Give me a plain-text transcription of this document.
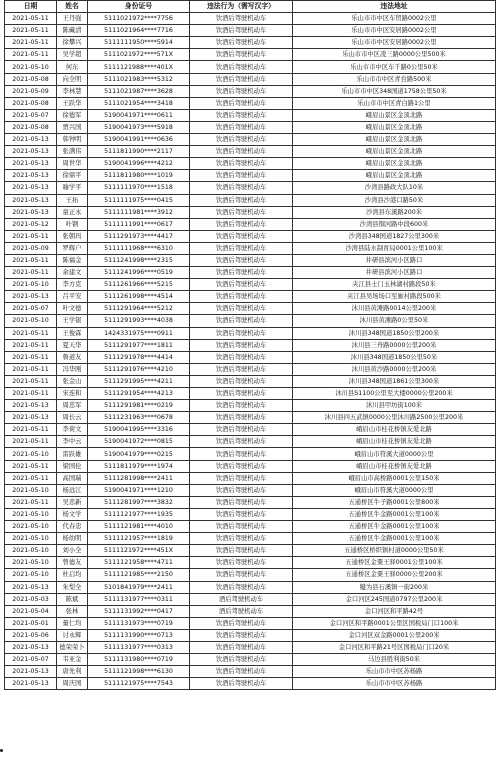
日期	姓名	身份证号	违法行为（需写汉字）	违法地址
2021-05-11	王丹强	5111021972****7756	饮酒后驾驶机动车	乐山市市中区车贸路0002公里
2021-05-11	陈藏清	5111021964****7716	饮酒后驾驶机动车	乐山市市中区安居路0002公里
2021-05-11	徐攀兴	5111111950****5914	饮酒后驾驶机动车	乐山市市中区安居路0002公里
2021-05-11	吴学超	5111021972****571X	饮酒后驾驶机动车	乐山市市中区凌三路0000公里500米
2021-05-10	何东	5111121988****401X	饮酒后驾驶机动车	乐山市市中区车千路0公里50米
2021-05-08	向全明	5111021983****5312	饮酒后驾驶机动车	乐山市市中区青台路500米
2021-05-09	李林慧	5111021987****3628	饮酒后驾驶机动车	乐山市市中区348国道1758公里50米
2021-05-08	王跃华	5111021954****3418	饮酒后驾驶机动车	乐山市市中区青白路1公里
2021-05-07	徐德军	5190041971****0611	饮酒后驾驶机动车	峨眉山景区金顶北路
2021-05-08	贾兴国	5190041973****5918	饮酒后驾驶机动车	峨眉山景区金顶北路
2021-05-13	韩钟明	5190041991****0636	饮酒后驾驶机动车	峨眉山景区金顶北路
2021-05-13	张满伟	5111811990****2117	饮酒后驾驶机动车	峨眉山景区金顶北路
2021-05-13	周世华	5190041996****4212	饮酒后驾驶机动车	峨眉山景区金顶北路
2021-05-13	徐鼎平	5111811980****1019	饮酒后驾驶机动车	峨眉山景区金顶北路
2021-05-13	喻学平	5111111970****1518	饮酒后驾驶机动车	沙湾县路政大队10米
2021-05-13	王拓	5111111975****0415	饮酒后驾驶机动车	沙湾县沙港口路50米
2021-05-13	童正永	5111111981****3912	饮酒后驾驶机动车	沙湾县东溪路200米
2021-05-12	叶钢	5111111991****0617	饮酒后驾驶机动车	沙湾县铜河路中段600米
2021-05-11	张朝玛	5111291973****4417	饮酒后驾驶机动车	沙湾县348国道1827公里300米
2021-05-09	罗辉户	5111111968****6310	饮酒后驾驶机动车	沙湾县陆水制育局0001公里100米
2021-05-11	陈福金	5111241998****2315	饮酒后驾驶机动车	井研县滨河小区路口
2021-05-11	余建文	5111241996****0519	饮酒后驾驶机动车	井研县滨河小区路口
2021-05-10	李方克	5111261966****5215	饮酒后驾驶机动车	夹江县士门玉林湖村路段50米
2021-05-13	吕平安	5111261998****4514	饮酒后驾驶机动车	夹江县吴场场口至廊村路段500米
2021-05-07	叶文德	5111291964****5212	饮酒后驾驶机动车	沐川县黄滩路0014公里200米
2021-05-10	王学银	5111291993****4038	饮酒后驾驶机动车	沐川县黄滩路0公里50米
2021-05-11	王俊霖	1424331975****0911	饮酒后驾驶机动车	沐川县348国道1850公里200米
2021-05-11	夏天华	5111291977****1811	饮酒后驾驶机动车	沐川县三舟路0000公里200米
2021-05-11	鲁道友	5111291978****4414	饮酒后驾驶机动车	沐川县348国道1850公里50米
2021-05-11	冯华刚	5111291976****4210	饮酒后驾驶机动车	沐川县黄沙路0000公里200米
2021-05-11	张金山	5111291995****4211	饮酒后驾驶机动车	沐川县348国道1861公里300米
2021-05-11	宋连和	5111291954****4213	饮酒后驾驶机动车	沐川县S1100公里至大楼0000公里200米
2021-05-13	周忠军	5111291981****0219	饮酒后驾驶机动车	沐川县甲坊街100米
2021-05-13	周长云	5111231963****0678	饮酒后驾驶机动车	沐川县四五武镇0000公里沐川路2500公里200米
2021-05-11	李荷文	5190041995****3316	饮酒后驾驶机动车	峨眉山市桂花桥镇友爱北路
2021-05-11	李中云	5190041972****0815	饮酒后驾驶机动车	峨眉山市桂花桥镇友爱北路
2021-05-10	雷跃雄	5190041979****0215	饮酒后驾驶机动车	峨眉山市符溪大道0000公里
2021-05-11	梁国伦	5111811979****1974	饮酒后驾驶机动车	峨眉山市桂花桥镇友爱北路
2021-05-11	高国瑞	5111281998****2411	饮酒后驾驶机动车	峨眉山市高桥路0001公里150米
2021-05-10	杨远江	5190041971****1210	饮酒后驾驶机动车	峨眉山市符溪大道0000公里
2021-05-11	吴忠新	5111281997****3832	饮酒后驾驶机动车	五通桥区牛子路0001公里800米
2021-05-10	杨文学	5111121977****1935	饮酒后驾驶机动车	五通桥区牛金路0001公里100米
2021-05-10	代春忠	5111121981****4010	饮酒后驾驶机动车	五通桥区牛金路0001公里100米
2021-05-10	杨幼明	5111121957****1819	饮酒后驾驶机动车	五通桥区牛金路0001公里100米
2021-05-10	刘小全	5111121972****451X	饮酒后驾驶机动车	五通桥区桥织镇村道0000公里50米
2021-05-10	曾德友	5111121958****4711	饮酒后驾驶机动车	五通桥区金粟王驿0001公里100米
2021-05-10	杜启均	5111121985****2150	饮酒后驾驶机动车	五通桥区金粟王驿0000公里200米
2021-05-13	朱梨全	5101841979****2411	饮酒后驾驶机动车	犍为县石溪镇一街200米
2021-05-03	陈斌	5111131977****0311	酒后驾驶机动车	金口河区245国道0797公里200米
2021-05-04	张林	5111131992****0417	酒后驾驶机动车	金口河区和平路42号
2021-05-01	量仁均	5111131973****0719	饮酒后驾驶机动车	金口河区和平路0001公里区国税局门口100米
2021-05-06	讨永辉	5111131990****0713	饮酒后驾驶机动车	金口河区双金路0001公里200米
2021-05-13	德荣荣卜	5111131977****0313	饮酒后驾驶机动车	金口河区和平路21号区国税局门口20米
2021-05-07	韦亚金	5111131980****0719	饮酒后驾驶机动车	马边县胜利街50米
2021-05-13	唐先利	5111121998****6130	饮酒后驾驶机动车	乐山市市中区苏杨路
2021-05-13	周庆国	5111121975****7543	饮酒后驾驶机动车	乐山市市中区苏杨路
